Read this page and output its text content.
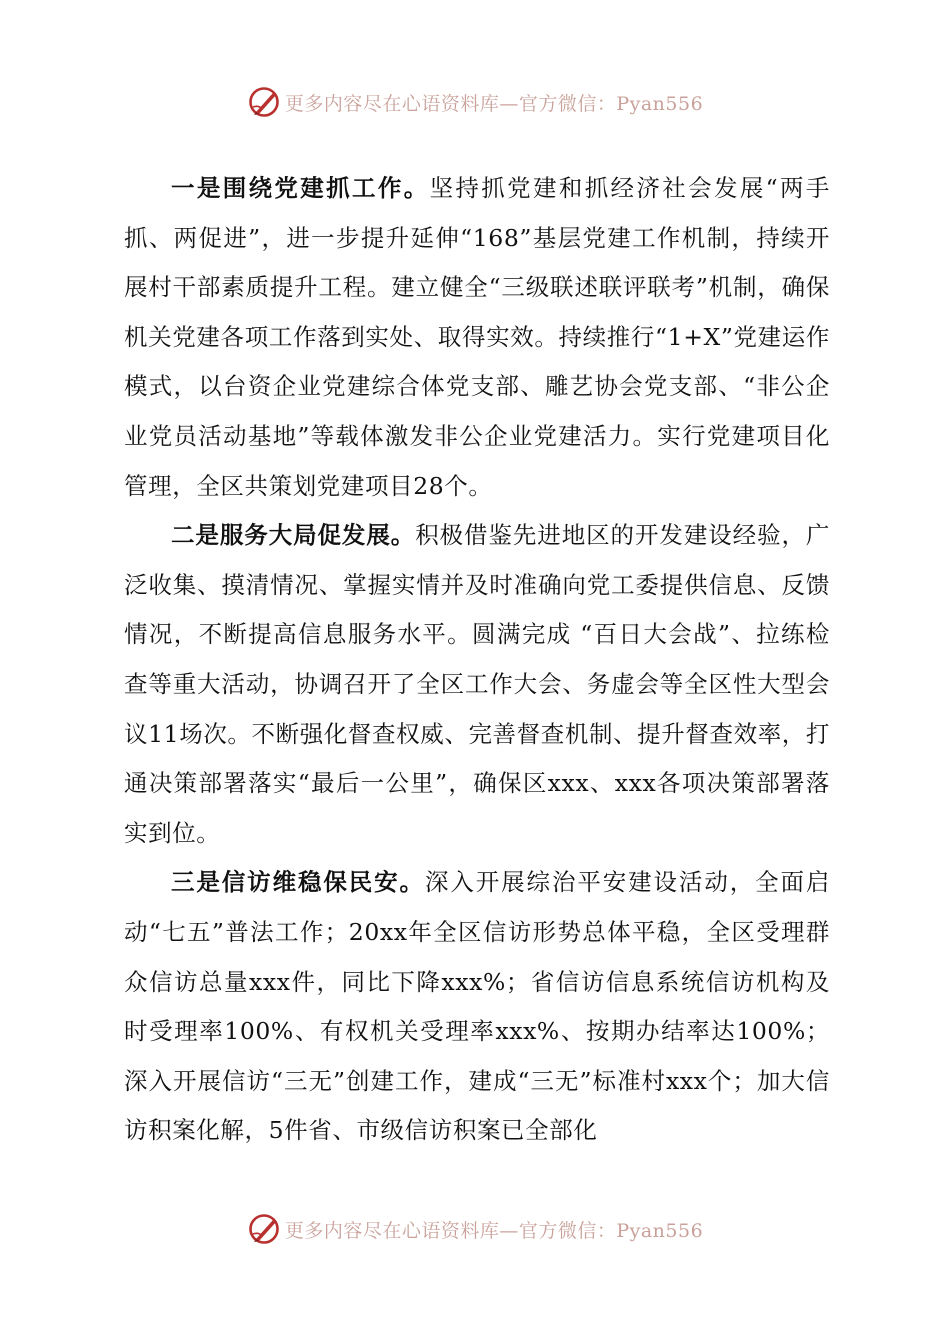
更多内容尽在心语资料库—官方微信：Pyan556

一是围绕党建抓工作。坚持抓党建和抓经济社会发展“两手抓、两促进”，进一步提升延伸“168”基层党建工作机制，持续开展村干部素质提升工程。建立健全“三级联述联评联考”机制，确保机关党建各项工作落到实处、取得实效。持续推行“1+X”党建运作模式，以台资企业党建综合体党支部、雕艺协会党支部、“非公企业党员活动基地”等载体激发非公企业党建活力。实行党建项目化管理，全区共策划党建项目28个。

二是服务大局促发展。积极借鉴先进地区的开发建设经验，广泛收集、摸清情况、掌握实情并及时准确向党工委提供信息、反馈情况，不断提高信息服务水平。圆满完成 “百日大会战”、拉练检查等重大活动，协调召开了全区工作大会、务虚会等全区性大型会议11场次。不断强化督查权威、完善督查机制、提升督查效率，打通决策部署落实“最后一公里”，确保区xxx、xxx各项决策部署落实到位。

三是信访维稳保民安。深入开展综治平安建设活动，全面启动“七五”普法工作；20xx年全区信访形势总体平稳，全区受理群众信访总量xxx件，同比下降xxx%；省信访信息系统信访机构及时受理率100%、有权机关受理率xxx%、按期办结率达100%；深入开展信访“三无”创建工作，建成“三无”标准村xxx个；加大信访积案化解，5件省、市级信访积案已全部化

更多内容尽在心语资料库—官方微信：Pyan556
